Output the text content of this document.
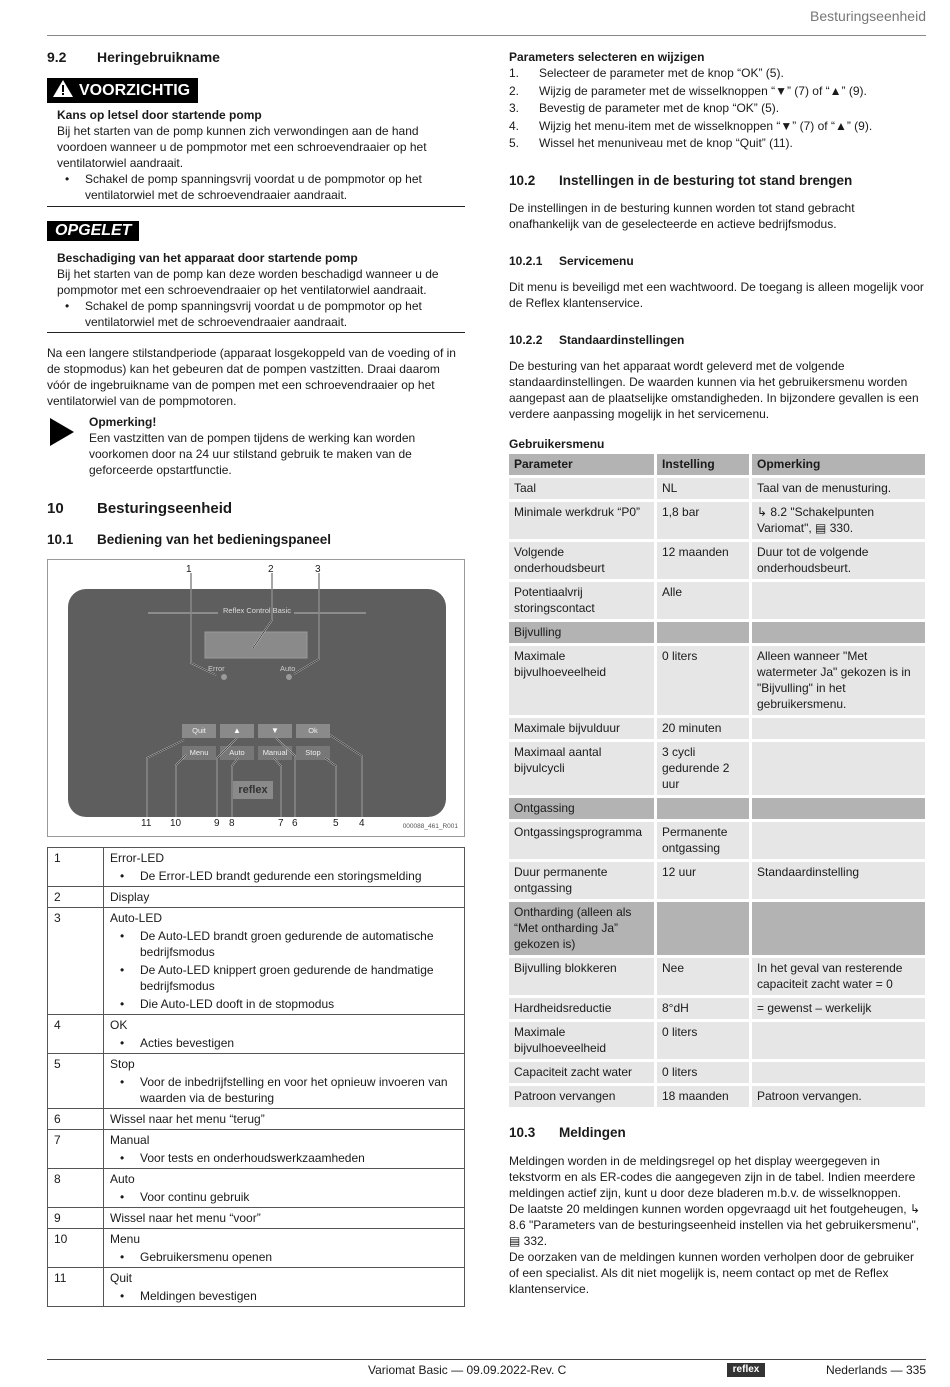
Besturingseenheid
9.2 Heringebruikname
VOORZICHTIG
Kans op letsel door startende pomp
Bij het starten van de pomp kunnen zich verwondingen aan de hand voordoen wanneer u de pompmotor met een schroevendraaier op het ventilatorwiel aandraait.
• Schakel de pomp spanningsvrij voordat u de pompmotor op het ventilatorwiel met de schroevendraaier aandraait.
OPGELET
Beschadiging van het apparaat door startende pomp
Bij het starten van de pomp kan deze worden beschadigd wanneer u de pompmotor met een schroevendraaier op het ventilatorwiel aandraait.
• Schakel de pomp spanningsvrij voordat u de pompmotor op het ventilatorwiel met de schroevendraaier aandraait.
Na een langere stilstandperiode (apparaat losgekoppeld van de voeding of in de stopmodus) kan het gebeuren dat de pompen vastzitten. Draai daarom vóór de ingebruikname van de pompen met een schroevendraaier op het ventilatorwiel van de pompmotoren.
Opmerking!
Een vastzitten van de pompen tijdens de werking kan worden voorkomen door na 24 uur stilstand gebruik te maken van de geforceerde opstartfunctie.
10 Besturingseenheid
10.1 Bediening van het bedieningspaneel
Reflex Control Basic
Error	Auto
Quit	▲	▼	Ok
Menu	Auto	Manual	Stop
reflex
1	2	3
11 10	9 8	7 6	5 4	000088_461_R001
1	Error-LED
• De Error-LED brandt gedurende een storingsmelding

2	Display

3	Auto-LED
• De Auto-LED brandt groen gedurende de automatische bedrijfsmodus
• De Auto-LED knippert groen gedurende de handmatige bedrijfsmodus
• Die Auto-LED dooft in de stopmodus

4	OK
• Acties bevestigen

5	Stop
• Voor de inbedrijfstelling en voor het opnieuw invoeren van waarden via de besturing

6	Wissel naar het menu “terug”

7	Manual
• Voor tests en onderhoudswerkzaamheden

8	Auto
• Voor continu gebruik

9	Wissel naar het menu “voor”

10	Menu
• Gebruikersmenu openen

11	Quit
• Meldingen bevestigen
Parameters selecteren en wijzigen
1. Selecteer de parameter met de knop “OK” (5).
2. Wijzig de parameter met de wisselknoppen “▼” (7) of “▲” (9).
3. Bevestig de parameter met de knop “OK” (5).
4. Wijzig het menu-item met de wisselknoppen “▼” (7) of “▲” (9).
5. Wissel het menuniveau met de knop “Quit” (11).
10.2 Instellingen in de besturing tot stand brengen
De instellingen in de besturing kunnen worden tot stand gebracht onafhankelijk van de geselecteerde en actieve bedrijfsmodus.
10.2.1 Servicemenu
Dit menu is beveiligd met een wachtwoord. De toegang is alleen mogelijk voor de Reflex klantenservice.
10.2.2 Standaardinstellingen
De besturing van het apparaat wordt geleverd met de volgende standaardinstellingen. De waarden kunnen via het gebruikersmenu worden aangepast aan de plaatselijke omstandigheden. In bijzondere gevallen is een verdere aanpassing mogelijk in het servicemenu.
Gebruikersmenu
Parameter	Instelling	Opmerking
Taal	NL	Taal van de menusturing.
Minimale werkdruk “P0”	1,8 bar	↳ 8.2 "Schakelpunten Variomat", ▤ 330.
Volgende onderhoudsbeurt	12 maanden	Duur tot de volgende onderhoudsbeurt.
Potentiaalvrij storingscontact	Alle	
Bijvulling		
Maximale bijvulhoeveelheid	0 liters	Alleen wanneer "Met watermeter Ja" gekozen is in "Bijvulling" in het gebruikersmenu.
Maximale bijvulduur	20 minuten	
Maximaal aantal bijvulcycli	3 cycli gedurende 2 uur	
Ontgassing		
Ontgassingsprogramma	Permanente ontgassing	
Duur permanente ontgassing	12 uur	Standaardinstelling
Ontharding (alleen als “Met ontharding Ja” gekozen is)		
Bijvulling blokkeren	Nee	In het geval van resterende capaciteit zacht water = 0
Hardheidsreductie	8°dH	= gewenst – werkelijk
Maximale bijvulhoeveelheid	0 liters	
Capaciteit zacht water	0 liters	
Patroon vervangen	18 maanden	Patroon vervangen.
10.3 Meldingen
Meldingen worden in de meldingsregel op het display weergegeven in tekstvorm en als ER-codes die aangegeven zijn in de tabel. Indien meerdere meldingen actief zijn, kunt u door deze bladeren m.b.v. de wisselknoppen.
De laatste 20 meldingen kunnen worden opgevraagd uit het foutgeheugen, ↳ 8.6 "Parameters van de besturingseenheid instellen via het gebruikersmenu", ▤ 332.
De oorzaken van de meldingen kunnen worden verholpen door de gebruiker of een specialist. Als dit niet mogelijk is, neem contact op met de Reflex klantenservice.
Variomat Basic — 09.09.2022-Rev. C	reflex	Nederlands — 335
